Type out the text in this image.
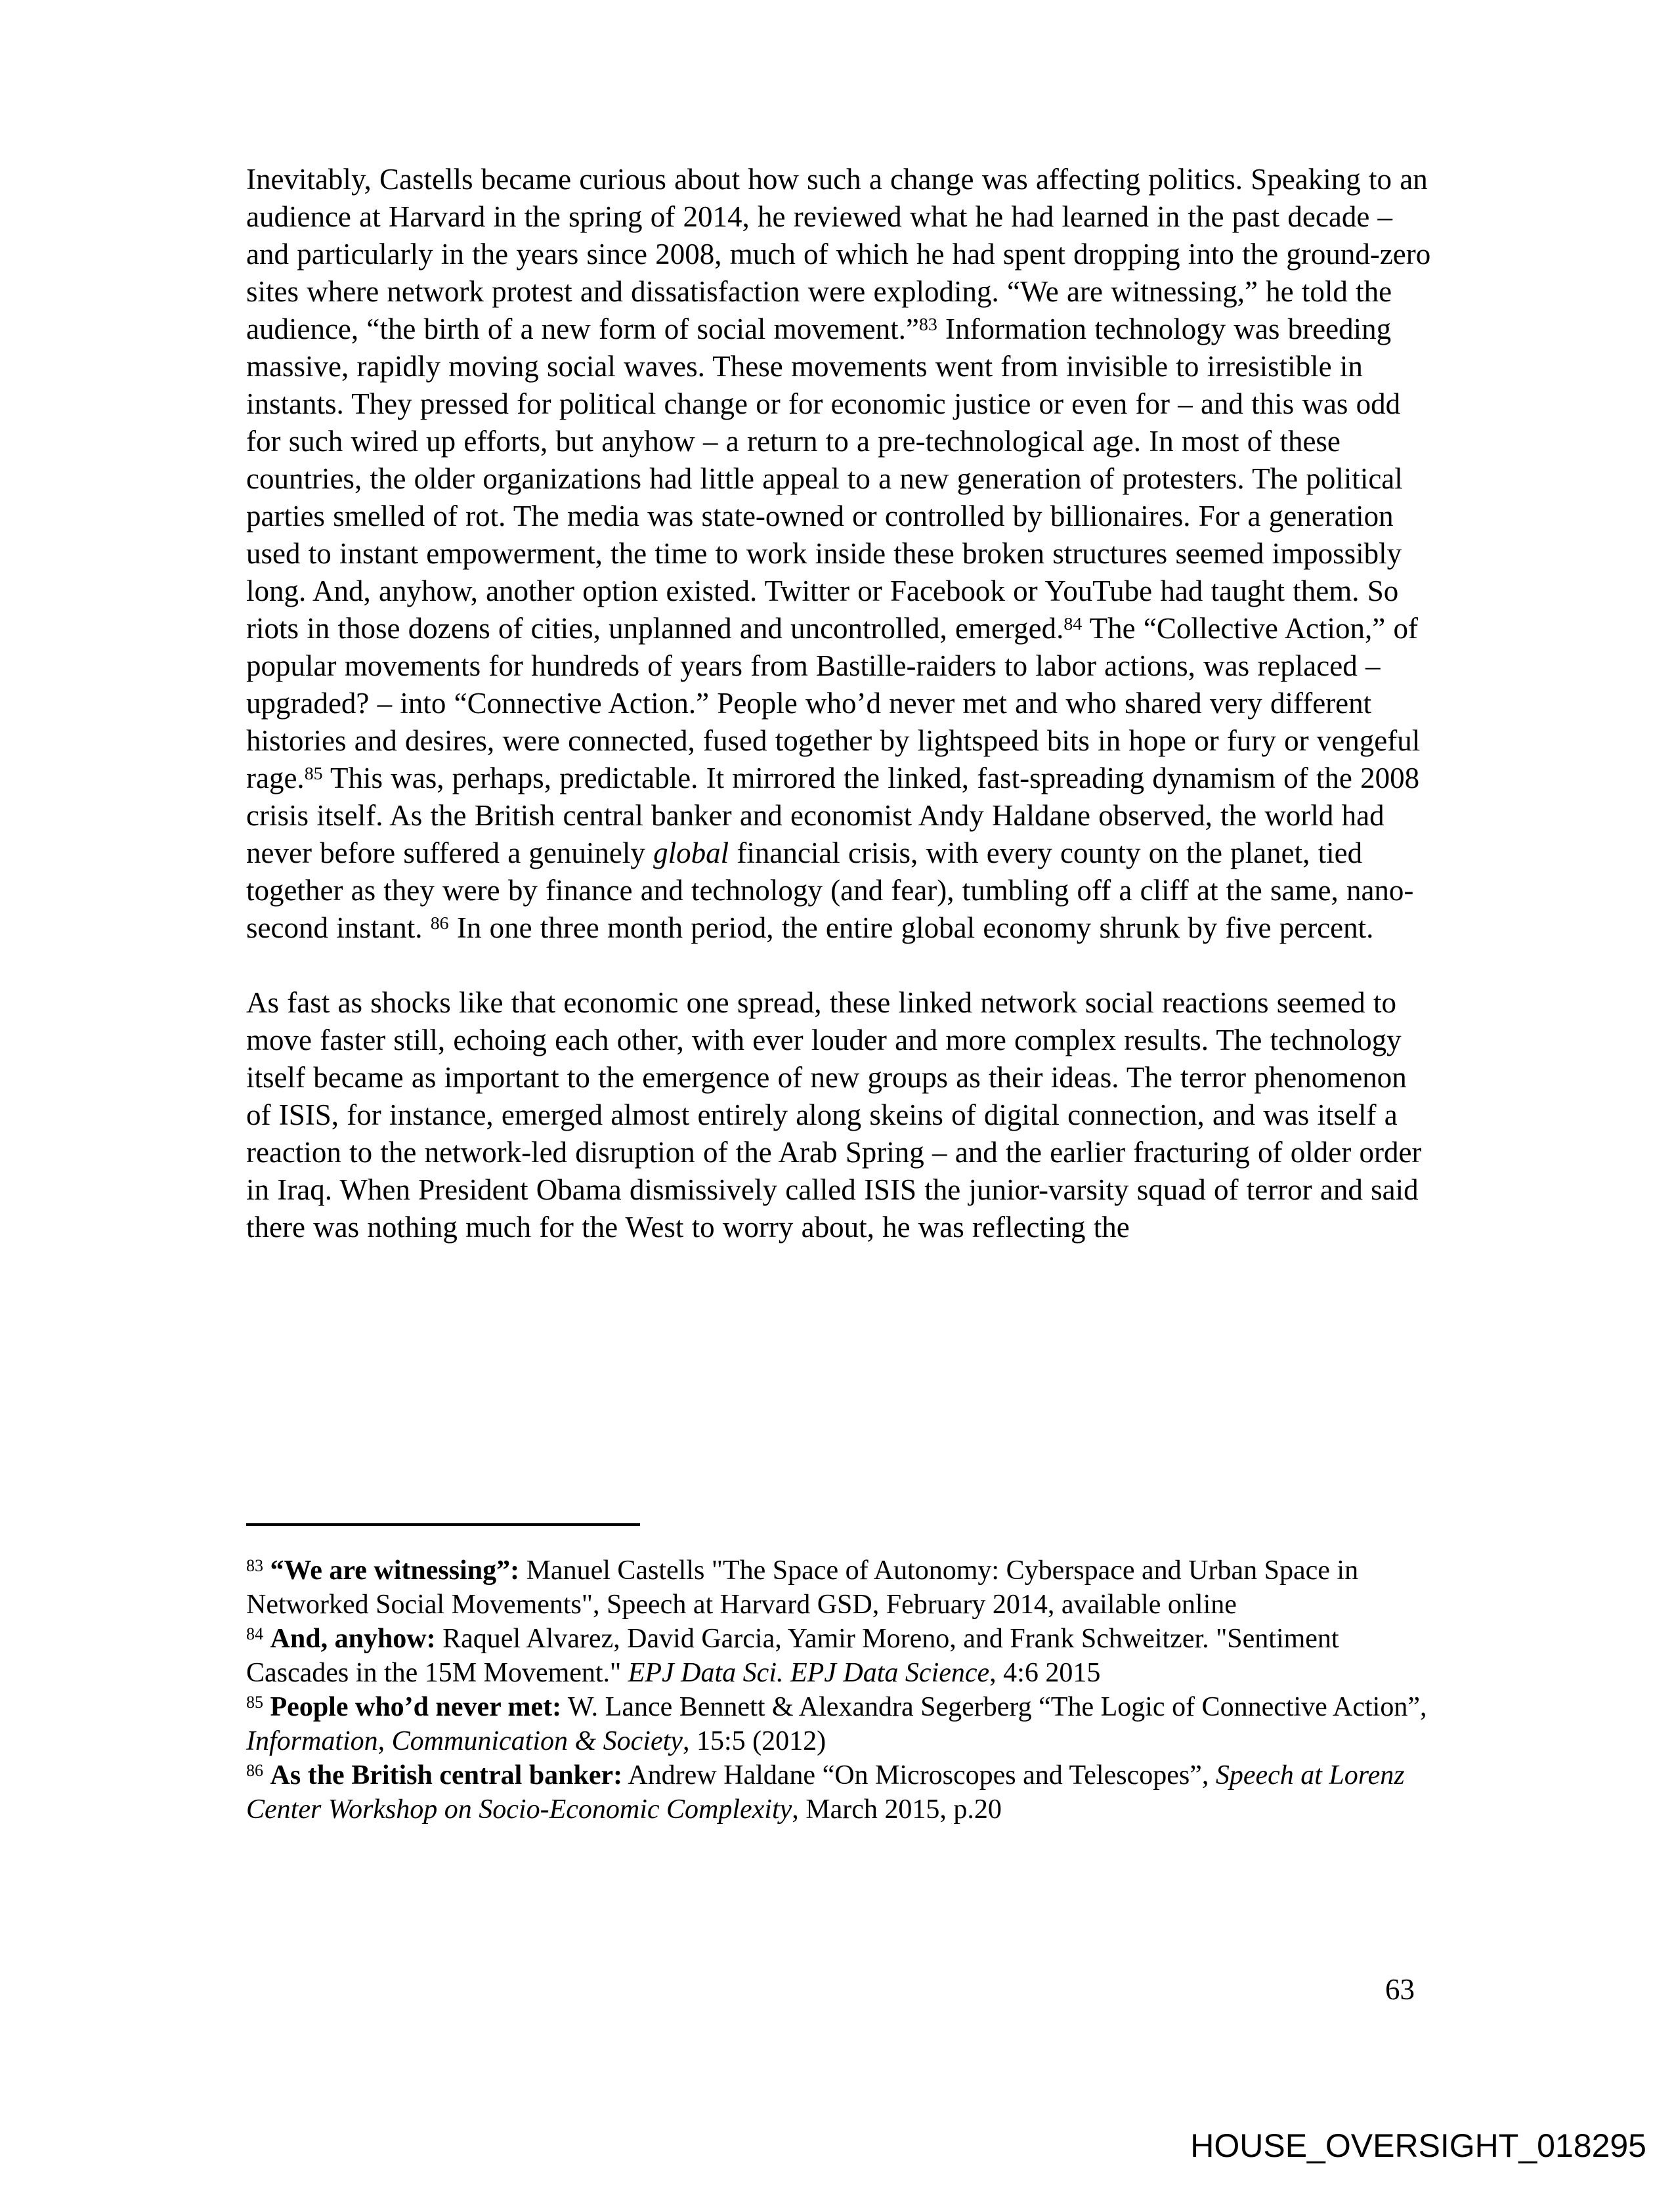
Inevitably, Castells became curious about how such a change was affecting politics. Speaking to an audience at Harvard in the spring of 2014, he reviewed what he had learned in the past decade – and particularly in the years since 2008, much of which he had spent dropping into the ground-zero sites where network protest and dissatisfaction were exploding. “We are witnessing,” he told the audience, “the birth of a new form of social movement.”$^{83}$ Information technology was breeding massive, rapidly moving social waves. These movements went from invisible to irresistible in instants. They pressed for political change or for economic justice or even for – and this was odd for such wired up efforts, but anyhow – a return to a pre-technological age. In most of these countries, the older organizations had little appeal to a new generation of protesters. The political parties smelled of rot. The media was state-owned or controlled by billionaires. For a generation used to instant empowerment, the time to work inside these broken structures seemed impossibly long. And, anyhow, another option existed. Twitter or Facebook or YouTube had taught them. So riots in those dozens of cities, unplanned and uncontrolled, emerged.$^{84}$ The “Collective Action,” of popular movements for hundreds of years from Bastille-raiders to labor actions, was replaced – upgraded? – into “Connective Action.” People who’d never met and who shared very different histories and desires, were connected, fused together by lightspeed bits in hope or fury or vengeful rage.$^{85}$ This was, perhaps, predictable. It mirrored the linked, fast-spreading dynamism of the 2008 crisis itself. As the British central banker and economist Andy Haldane observed, the world had never before suffered a genuinely global financial crisis, with every county on the planet, tied together as they were by finance and technology (and fear), tumbling off a cliff at the same, nano-second instant. $^{86}$ In one three month period, the entire global economy shrunk by five percent.

As fast as shocks like that economic one spread, these linked network social reactions seemed to move faster still, echoing each other, with ever louder and more complex results. The technology itself became as important to the emergence of new groups as their ideas. The terror phenomenon of ISIS, for instance, emerged almost entirely along skeins of digital connection, and was itself a reaction to the network-led disruption of the Arab Spring – and the earlier fracturing of older order in Iraq. When President Obama dismissively called ISIS the junior-varsity squad of terror and said there was nothing much for the West to worry about, he was reflecting the

$^{83}$ “We are witnessing”: Manuel Castells "The Space of Autonomy: Cyberspace and Urban Space in Networked Social Movements", Speech at Harvard GSD, February 2014, available online

$^{84}$ And, anyhow: Raquel Alvarez, David Garcia, Yamir Moreno, and Frank Schweitzer. "Sentiment Cascades in the 15M Movement." EPJ Data Sci. EPJ Data Science, 4:6 2015

$^{85}$ People who’d never met: W. Lance Bennett & Alexandra Segerberg “The Logic of Connective Action”, Information, Communication & Society, 15:5 (2012)

$^{86}$ As the British central banker: Andrew Haldane “On Microscopes and Telescopes”, Speech at Lorenz Center Workshop on Socio-Economic Complexity, March 2015, p.20

63
HOUSE_OVERSIGHT_018295
